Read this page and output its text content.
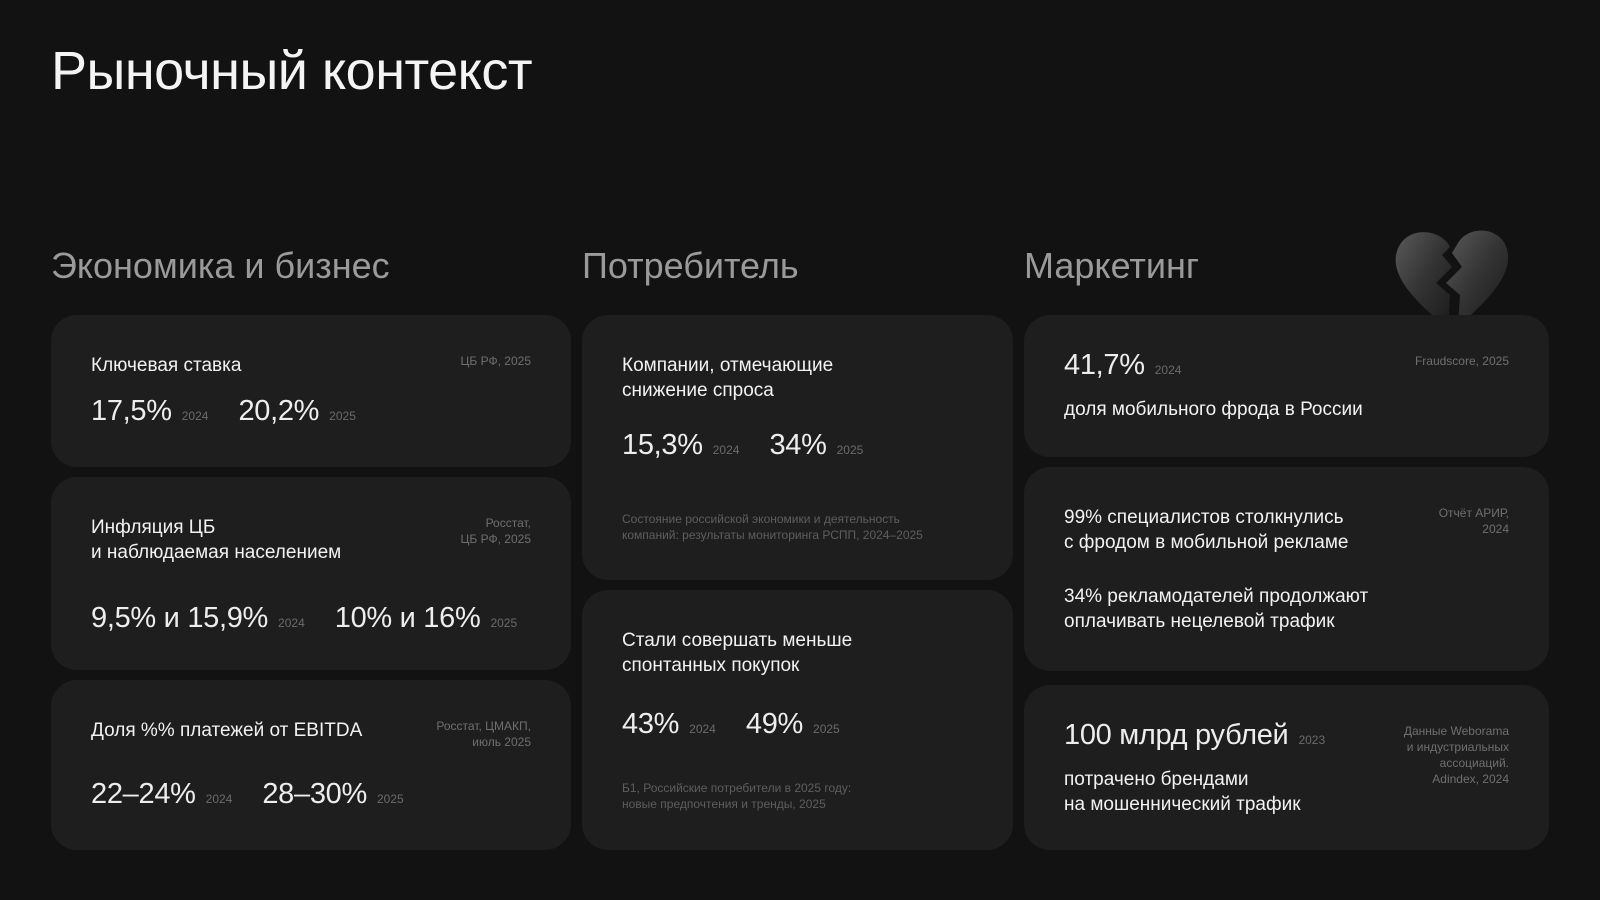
Рыночный контекст
Экономика и бизнес	Потребитель	Маркетинг
Ключевая ставка	ЦБ РФ, 2025
17,5% 2024 20,2% 2025
Инфляция ЦБ
и наблюдаемая населением
Росстат,
ЦБ РФ, 2025
9,5% и 15,9% 2024 10% и 16% 2025
Доля %% платежей от EBITDA	Росстат, ЦМАКП,
июль 2025
22–24% 2024 28–30% 2025
Компании, отмечающие
снижение спроса
15,3% 2024 34% 2025
Состояние российской экономики и деятельность
компаний: результаты мониторинга РСПП, 2024–2025
Стали совершать меньше
спонтанных покупок
43% 2024 49% 2025
Б1, Российские потребители в 2025 году:
новые предпочтения и тренды, 2025
41,7% 2024
Fraudscore, 2025
доля мобильного фрода в России
99% специалистов столкнулись
с фродом в мобильной рекламе
Отчёт АРИР,
2024
34% рекламодателей продолжают
оплачивать нецелевой трафик
100 млрд рублей 2023
Данные Weborama
и индустриальных
ассоциаций.
Adindex, 2024
потрачено брендами
на мошеннический трафик
